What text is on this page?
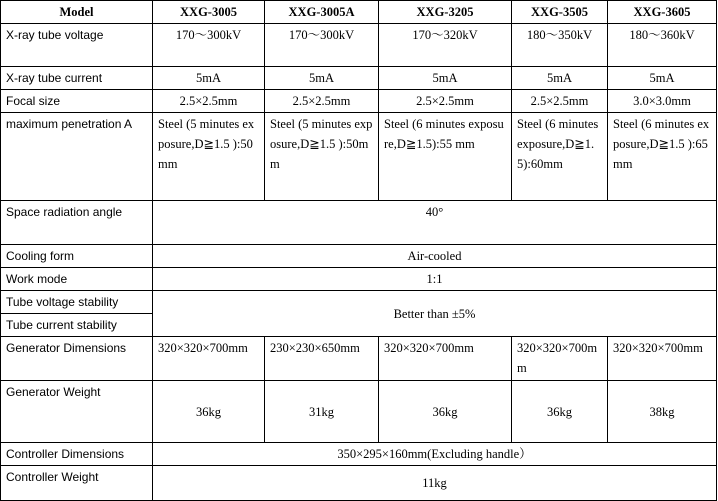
Model	XXG-3005	XXG-3005A	XXG-3205	XXG-3505	XXG-3605
X-ray tube voltage	170～300kV	170～300kV	170～320kV	180～350kV	180～360kV
X-ray tube current	5mA	5mA	5mA	5mA	5mA
Focal size	2.5×2.5mm	2.5×2.5mm	2.5×2.5mm	2.5×2.5mm	3.0×3.0mm
maximum penetration A	Steel (5 minutes exposure,D≧1.5 ):50mm	Steel (5 minutes exposure,D≧1.5 ):50mm	Steel (6 minutes exposure,D≧1.5):55 mm	Steel (6 minutes exposure,D≧1.5):60mm	Steel (6 minutes exposure,D≧1.5 ):65mm
Space radiation angle	40°				
Cooling form	Air-cooled				
Work mode	1:1				
Tube voltage stability	Better than ±5%				
Tube current stability					
Generator Dimensions	320×320×700mm	230×230×650mm	320×320×700mm	320×320×700mm	320×320×700mm
Generator Weight	36kg	31kg	36kg	36kg	38kg
Controller Dimensions	350×295×160mm(Excluding handle）				
Controller Weight	11kg				
